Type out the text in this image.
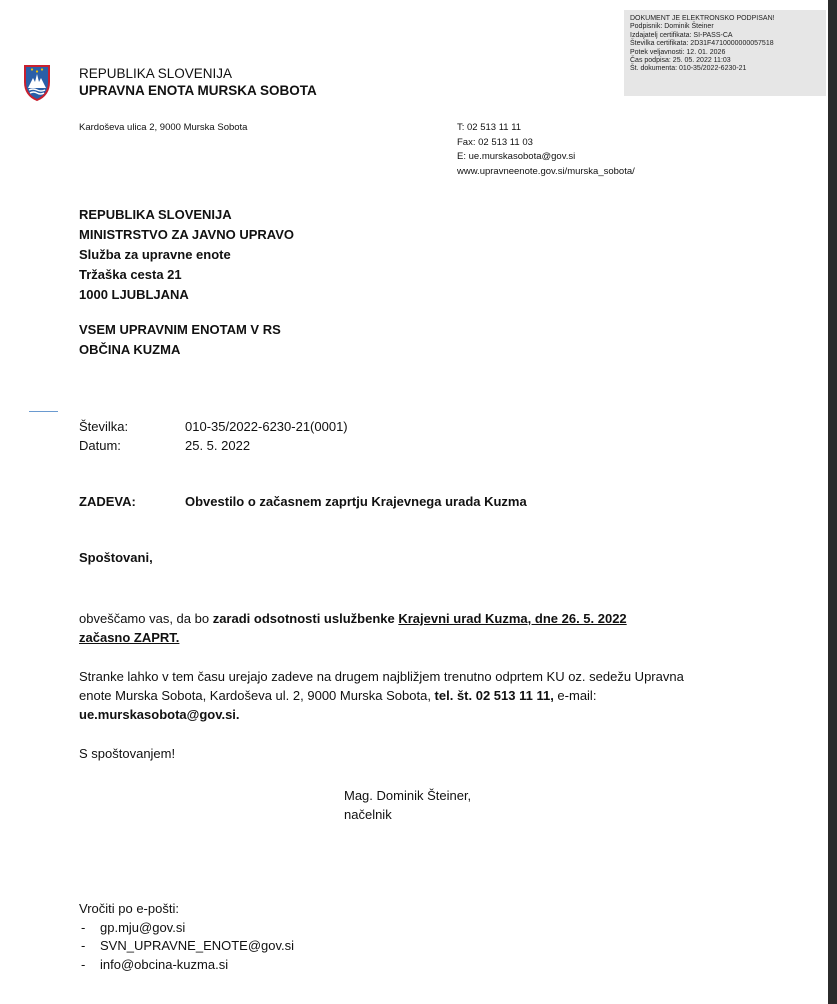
DOKUMENT JE ELEKTRONSKO PODPISAN!
Podpisnik: Dominik Šteiner
Izdajatelj certifikata: SI-PASS-CA
Številka certifikata: 2D31F4710000000057518
Potek veljavnosti: 12. 01. 2026
Čas podpisa: 25. 05. 2022 11:03
Št. dokumenta: 010-35/2022-6230-21
REPUBLIKA SLOVENIJA
UPRAVNA ENOTA MURSKA SOBOTA
Kardoševa ulica 2, 9000 Murska Sobota	T: 02 513 11 11
Fax: 02 513 11 03
E: ue.murskasobota@gov.si
www.upravneenote.gov.si/murska_sobota/
REPUBLIKA SLOVENIJA
MINISTRSTVO ZA JAVNO UPRAVO
Služba za upravne enote
Tržaška cesta 21
1000 LJUBLJANA
VSEM UPRAVNIM ENOTAM V RS
OBČINA KUZMA
Številka:	010-35/2022-6230-21(0001)
Datum:	25. 5. 2022
ZADEVA:	Obvestilo o začasnem zaprtju Krajevnega urada Kuzma
Spoštovani,
obveščamo vas, da bo zaradi odsotnosti uslužbenke Krajevni urad Kuzma, dne 26. 5. 2022
začasno ZAPRT.
Stranke lahko v tem času urejajo zadeve na drugem najbližjem trenutno odprtem KU oz. sedežu Upravna enote Murska Sobota, Kardoševa ul. 2, 9000 Murska Sobota, tel. št. 02 513 11 11, e-mail: ue.murskasobota@gov.si.
S spoštovanjem!
Mag. Dominik Šteiner,
načelnik
Vročiti po e-pošti:
- gp.mju@gov.si
- SVN_UPRAVNE_ENOTE@gov.si
- info@obcina-kuzma.si
